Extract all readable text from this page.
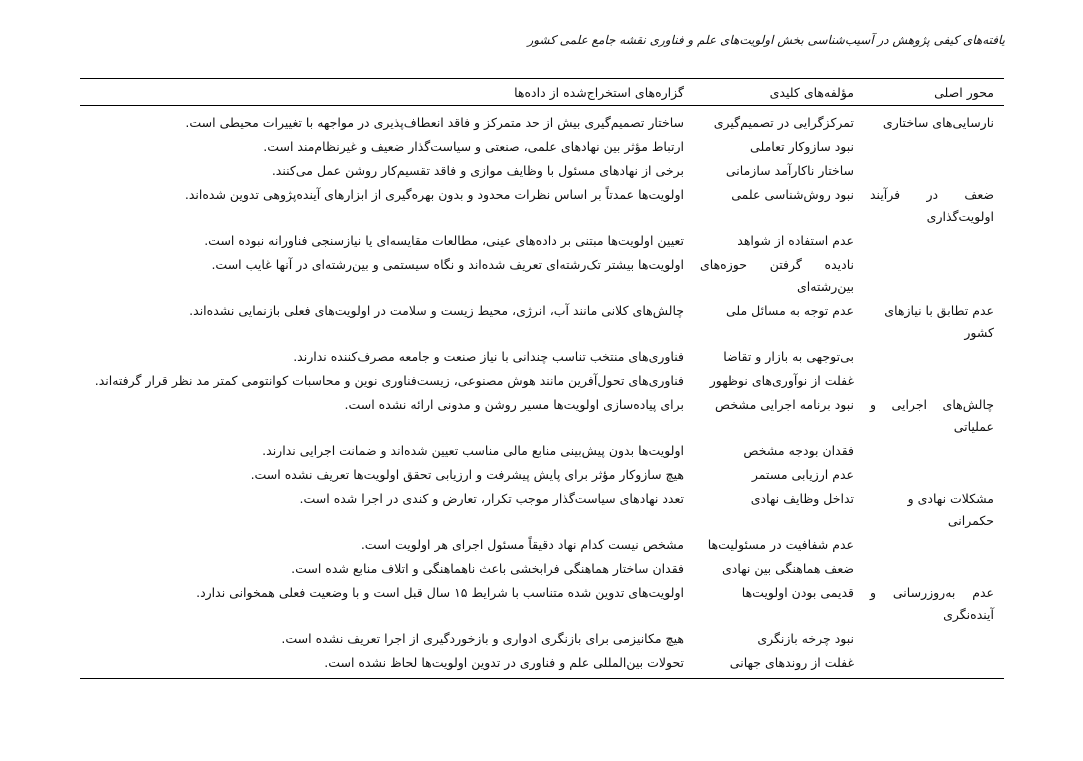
یافته‌های کیفی پژوهش در آسیب‌شناسی بخش اولویت‌های علم و فناوری نقشه جامع علمی کشور
محور اصلی	مؤلفه‌های کلیدی	گزاره‌های استخراج‌شده از داده‌ها
نارسایی‌های ساختاری	تمرکزگرایی در تصمیم‌گیری	ساختار تصمیم‌گیری بیش از حد متمرکز و فاقد انعطاف‌پذیری در مواجهه با تغییرات محیطی است.
	نبود سازوکار تعاملی	ارتباط مؤثر بین نهادهای علمی، صنعتی و سیاست‌گذار ضعیف و غیرنظام‌مند است.
	ساختار ناکارآمد سازمانی	برخی از نهادهای مسئول با وظایف موازی و فاقد تقسیم‌کار روشن عمل می‌کنند.
ضعف در فرآیند اولویت‌گذاری	نبود روش‌شناسی علمی	اولویت‌ها عمدتاً بر اساس نظرات محدود و بدون بهره‌گیری از ابزارهای آینده‌پژوهی تدوین شده‌اند.
	عدم استفاده از شواهد	تعیین اولویت‌ها مبتنی بر داده‌های عینی، مطالعات مقایسه‌ای یا نیازسنجی فناورانه نبوده است.
	نادیده گرفتن حوزه‌های بین‌رشته‌ای	اولویت‌ها بیشتر تک‌رشته‌ای تعریف شده‌اند و نگاه سیستمی و بین‌رشته‌ای در آنها غایب است.
عدم تطابق با نیازهای کشور	عدم توجه به مسائل ملی	چالش‌های کلانی مانند آب، انرژی، محیط زیست و سلامت در اولویت‌های فعلی بازنمایی نشده‌اند.
	بی‌توجهی به بازار و تقاضا	فناوری‌های منتخب تناسب چندانی با نیاز صنعت و جامعه مصرف‌کننده ندارند.
	غفلت از نوآوری‌های نوظهور	فناوری‌های تحول‌آفرین مانند هوش مصنوعی، زیست‌فناوری نوین و محاسبات کوانتومی کمتر مد نظر قرار گرفته‌اند.
چالش‌های اجرایی و عملیاتی	نبود برنامه اجرایی مشخص	برای پیاده‌سازی اولویت‌ها مسیر روشن و مدونی ارائه نشده است.
	فقدان بودجه مشخص	اولویت‌ها بدون پیش‌بینی منابع مالی مناسب تعیین شده‌اند و ضمانت اجرایی ندارند.
	عدم ارزیابی مستمر	هیچ سازوکار مؤثر برای پایش پیشرفت و ارزیابی تحقق اولویت‌ها تعریف نشده است.
مشکلات نهادی و حکمرانی	تداخل وظایف نهادی	تعدد نهادهای سیاست‌گذار موجب تکرار، تعارض و کندی در اجرا شده است.
	عدم شفافیت در مسئولیت‌ها	مشخص نیست کدام نهاد دقیقاً مسئول اجرای هر اولویت است.
	ضعف هماهنگی بین نهادی	فقدان ساختار هماهنگی فرابخشی باعث ناهماهنگی و اتلاف منابع شده است.
عدم به‌روزرسانی و آینده‌نگری	قدیمی بودن اولویت‌ها	اولویت‌های تدوین شده متناسب با شرایط ۱۵ سال قبل است و با وضعیت فعلی همخوانی ندارد.
	نبود چرخه بازنگری	هیچ مکانیزمی برای بازنگری ادواری و بازخوردگیری از اجرا تعریف نشده است.
	غفلت از روندهای جهانی	تحولات بین‌المللی علم و فناوری در تدوین اولویت‌ها لحاظ نشده است.
